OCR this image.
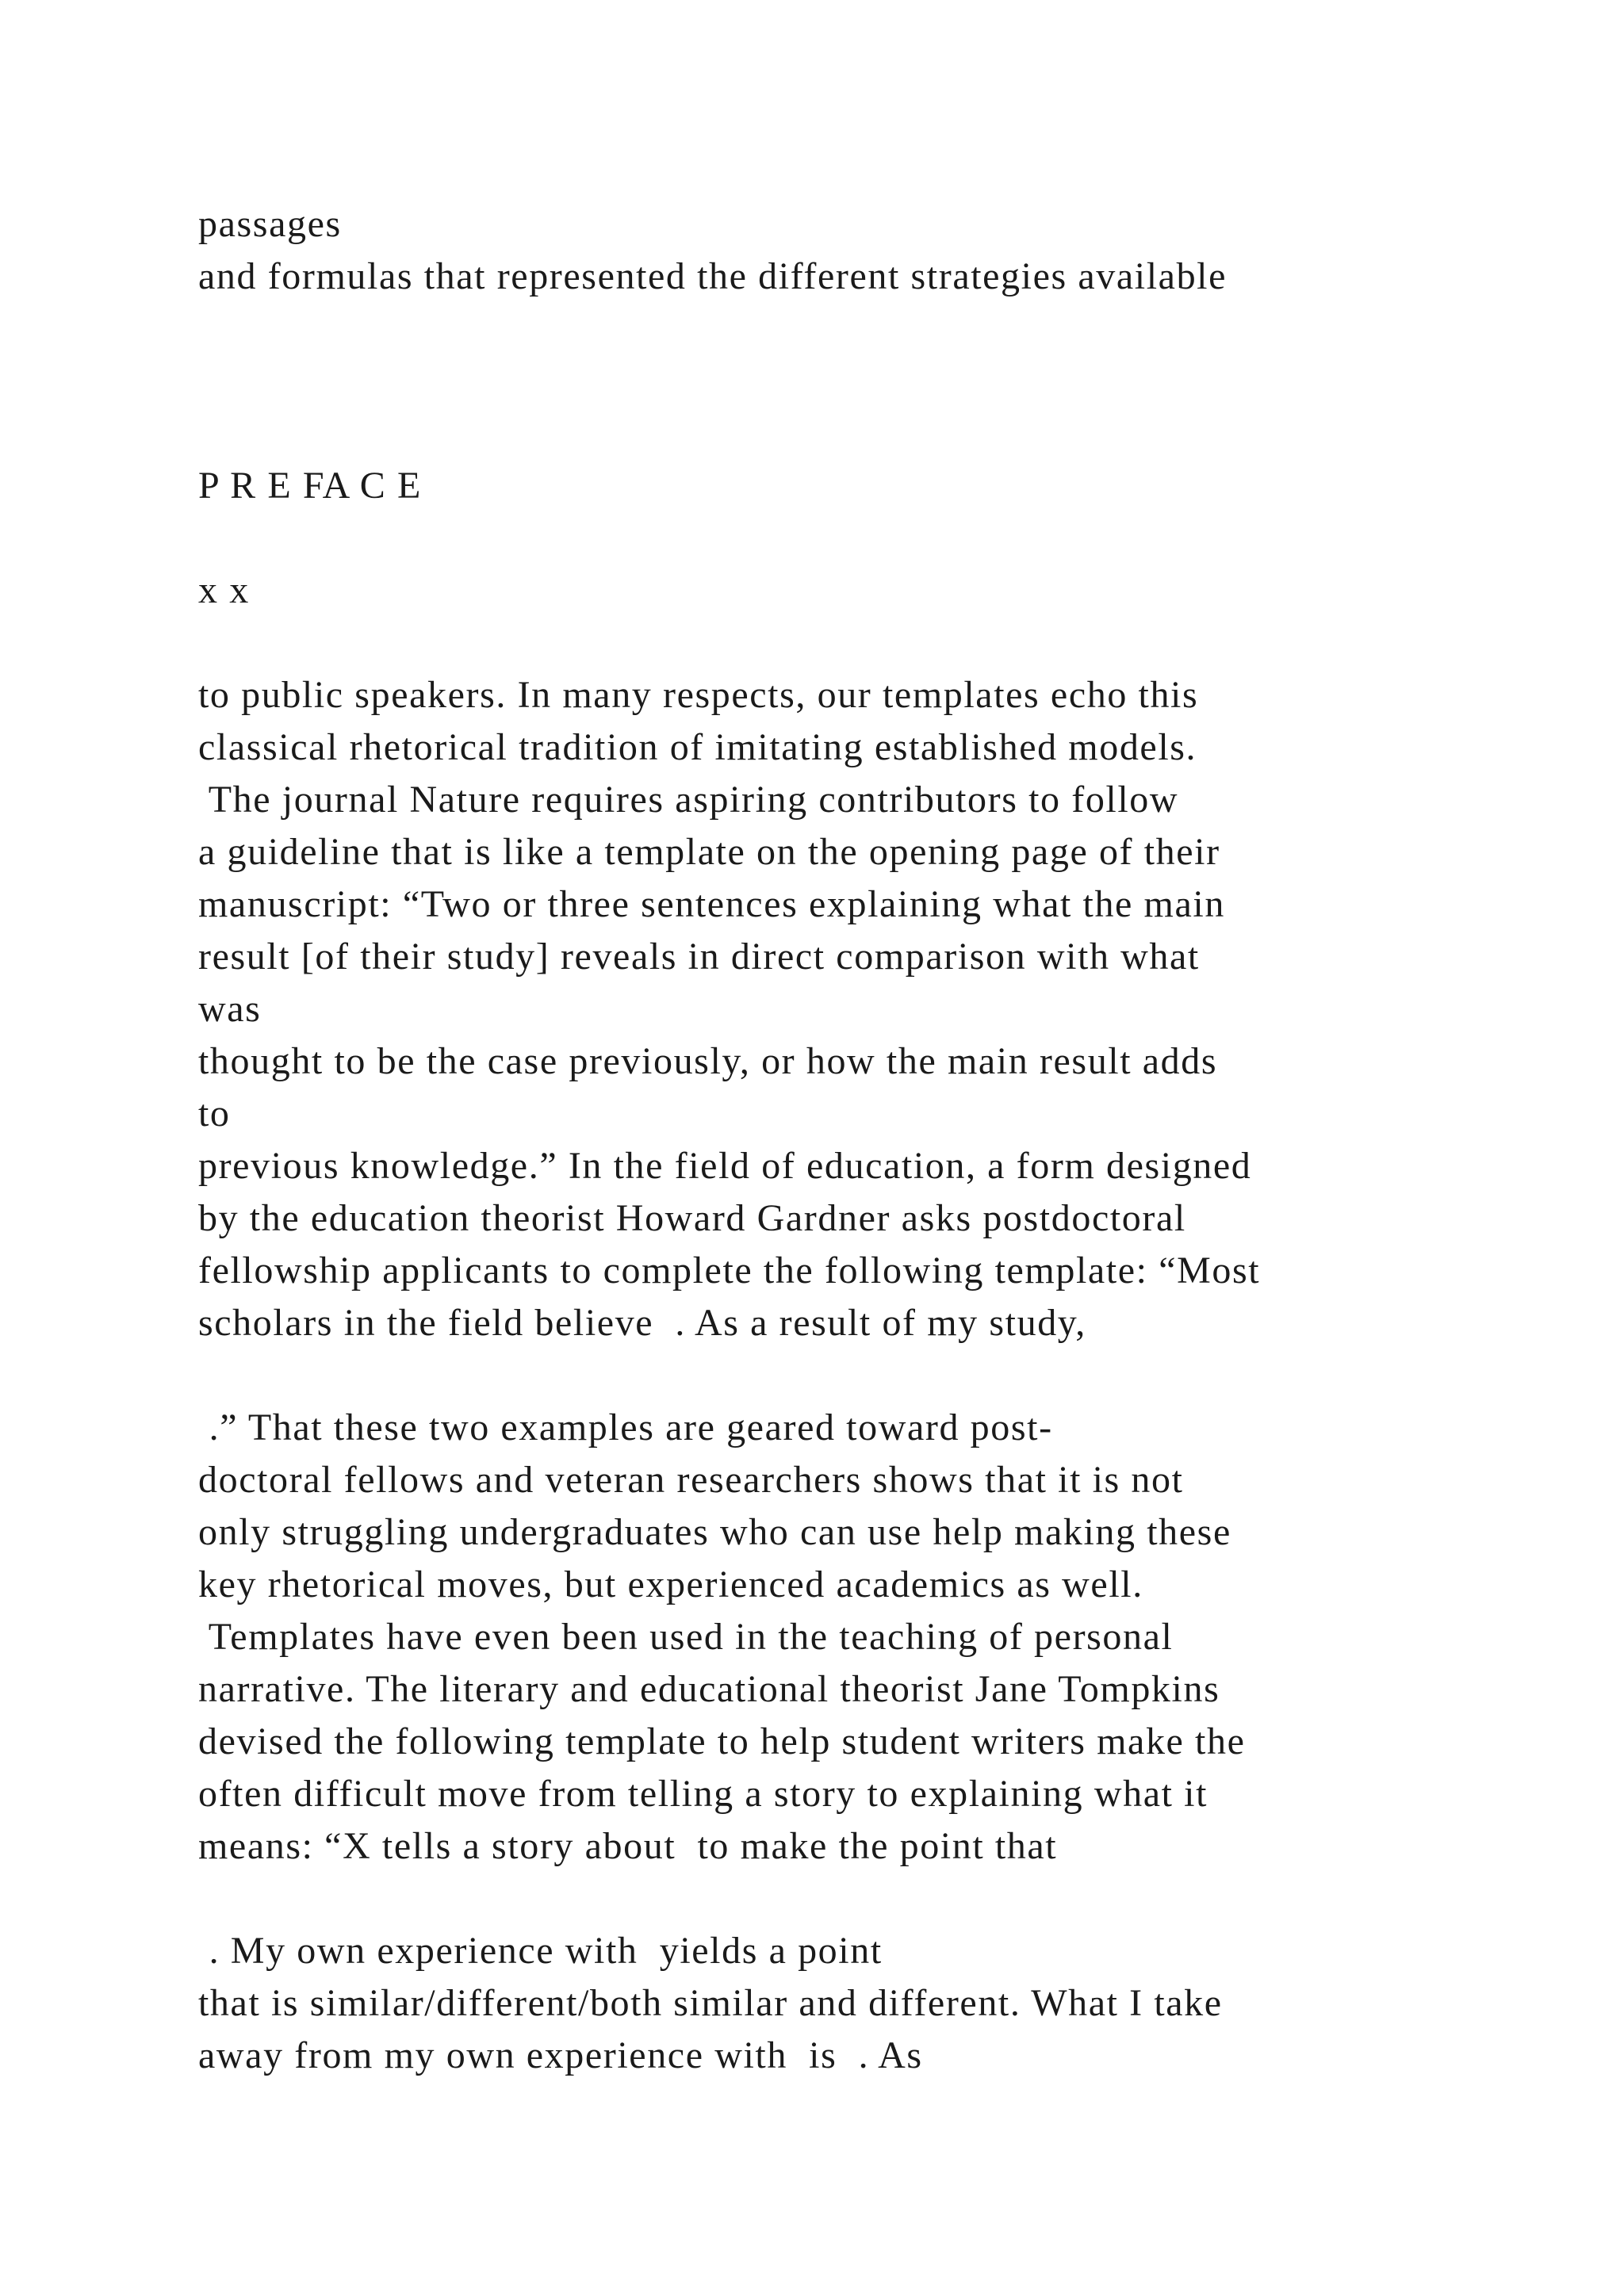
passages
and formulas that represented the different strategies available
P R E FA C E
x x
to public speakers. In many respects, our templates echo this
classical rhetorical tradition of imitating established models.
The journal Nature requires aspiring contributors to follow
a guideline that is like a template on the opening page of their
manuscript: “Two or three sentences explaining what the main
result [of their study] reveals in direct comparison with what
was
thought to be the case previously, or how the main result adds
to
previous knowledge.” In the field of education, a form designed
by the education theorist Howard Gardner asks postdoctoral
fellowship applicants to complete the following template: “Most
scholars in the field believe  . As a result of my study,
.” That these two examples are geared toward post-
doctoral fellows and veteran researchers shows that it is not
only struggling undergraduates who can use help making these
key rhetorical moves, but experienced academics as well.
Templates have even been used in the teaching of personal
narrative. The literary and educational theorist Jane Tompkins
devised the following template to help student writers make the
often difficult move from telling a story to explaining what it
means: “X tells a story about  to make the point that
. My own experience with  yields a point
that is similar/different/both similar and different. What I take
away from my own experience with  is  . As
